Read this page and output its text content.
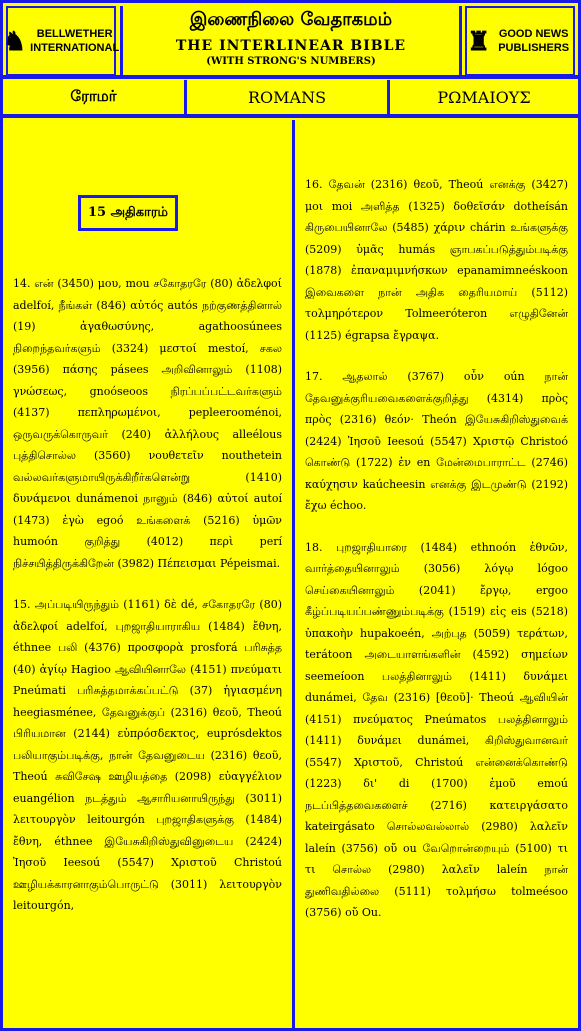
♞ BELLWETHER INTERNATIONAL
இணைநிலை வேதாகமம்
THE INTERLINEAR BIBLE
(WITH STRONG'S NUMBERS)
♜ GOOD NEWS PUBLISHERS
ரோமர்	ROMANS	ΡΩΜΑΙΟΥΣ
15 அதிகாரம்

14. என் (3450) μου, mou சகோதரரே (80) ἀδελφοί adelfoí, நீங்கள் (846) αὐτός autós நற்குணத்தினால் (19) ἀγαθωσύνης, agathoosúnees நிறைந்தவர்களும் (3324) μεστοί mestoí, சகல (3956) πάσης pásees அறிவினாலும் (1108) γνώσεως, gnoóseoos நிரப்பப்பட்டவர்களும் (4137) πεπληρωμένοι, pepleerooménoi, ஒருவருக்கொருவர் (240) ἀλλήλους alleélous புத்திசொல்ல (3560) νουθετεῖν nouthetein வல்லவர்களுமாயிருக்கிறீர்களென்று (1410) δυνάμενοι dunámenoi நானும் (846) αὐτοί autoí (1473) ἐγὼ egoó உங்களைக் (5216) ὑμῶν humoón குறித்து (4012) περὶ perí நிச்சயித்திருக்கிறேன் (3982) Πέπεισμαι Pépeismai.

15. அப்படியிருந்தும் (1161) δὲ dé, சகோதரரே (80) ἀδελφοί adelfoí, புறஜாதியாராகிய (1484) ἔθνη, éthnee பலி (4376) προσφορὰ prosforá பரிசுத்த (40) ἁγίῳ Hagioo ஆவியினாலே (4151) πνεύματι Pneúmati பரிசுத்தமாக்கப்பட்டு (37) ἡγιασμένη heegiasménee, தேவனுக்குப் (2316) θεοῦ, Theoú பிரியமான (2144) εὐπρόσδεκτος, euprósdektos பலியாகும்படிக்கு, நான் தேவனுடைய (2316) θεοῦ, Theoú சுவிசேஷ ஊழியத்தை (2098) εὐαγγέλιον euangélion நடத்தும் ஆசாரியனாயிருந்து (3011) λειτουργὸν leitourgón புறஜாதிகளுக்கு (1484) ἔθνη, éthnee இயேசுகிறிஸ்துவினுடைய (2424) Ἰησοῦ Ieesoú (5547) Χριστοῦ Christoú ஊழியக்காரனாகும்பொருட்டு (3011) λειτουργὸν leitourgón,

16. தேவன் (2316) θεοῦ, Theoú எனக்கு (3427) μοι moi அளித்த (1325) δοθεῖσάν dotheísán கிருபையினாலே (5485) χάριν chárin உங்களுக்கு (5209) ὑμᾶς humás ஞாபகப்படுத்தும்படிக்கு (1878) ἐπαναμιμνήσκων epanamimneéskoon இவைகளை நான் அதிக தைரியமாய் (5112) τολμηρότερον Tolmeeróteron எழுதினேன் (1125) égrapsa ἔγραψα.

17. ஆதலால் (3767) οὖν oún நான் தேவனுக்குரியவைகளைக்குறித்து (4314) πρὸς πρὸς (2316) θεόν· Theón இயேசுகிறிஸ்துவைக் (2424) Ἰησοῦ Ieesoú (5547) Χριστῷ Christoó கொண்டு (1722) ἐν en மேன்மைபாராட்ட (2746) καύχησιν kaúcheesin எனக்கு இடமுண்டு (2192) ἔχω échoo.

18. புறஜாதியாரை (1484) ethnoón ἐθνῶν, வார்த்தையினாலும் (3056) λόγῳ lógoo செய்கையினாலும் (2041) ἔργῳ, ergoo கீழ்ப்படியப்பண்ணும்படிக்கு (1519) εἰς eis (5218) ὑπακοὴν hupakoeén, அற்புத (5059) τεράτων, terátoon அடையாளங்களின் (4592) σημείων seemeíoon பலத்தினாலும் (1411) δυνάμει dunámei, தேவ (2316) [θεοῦ]· Theoú ஆவியின் (4151) πνεύματος Pneúmatos பலத்தினாலும் (1411) δυνάμει dunámei, கிறிஸ்துவானவர் (5547) Χριστοῦ, Christoú என்னைக்கொண்டு (1223) δι' di (1700) ἐμοῦ emoú நடப்பித்தவைகளைச் (2716) κατειργάσατο kateirgásato சொல்லவல்லால் (2980) λαλεῖν laleín (3756) οὔ ou வேறொன்றையும் (5100) τι τι சொல்ல (2980) λαλεῖν laleín நான் துணிவதில்லை (5111) τολμήσω tolmeésoo (3756) οὔ Ou.
